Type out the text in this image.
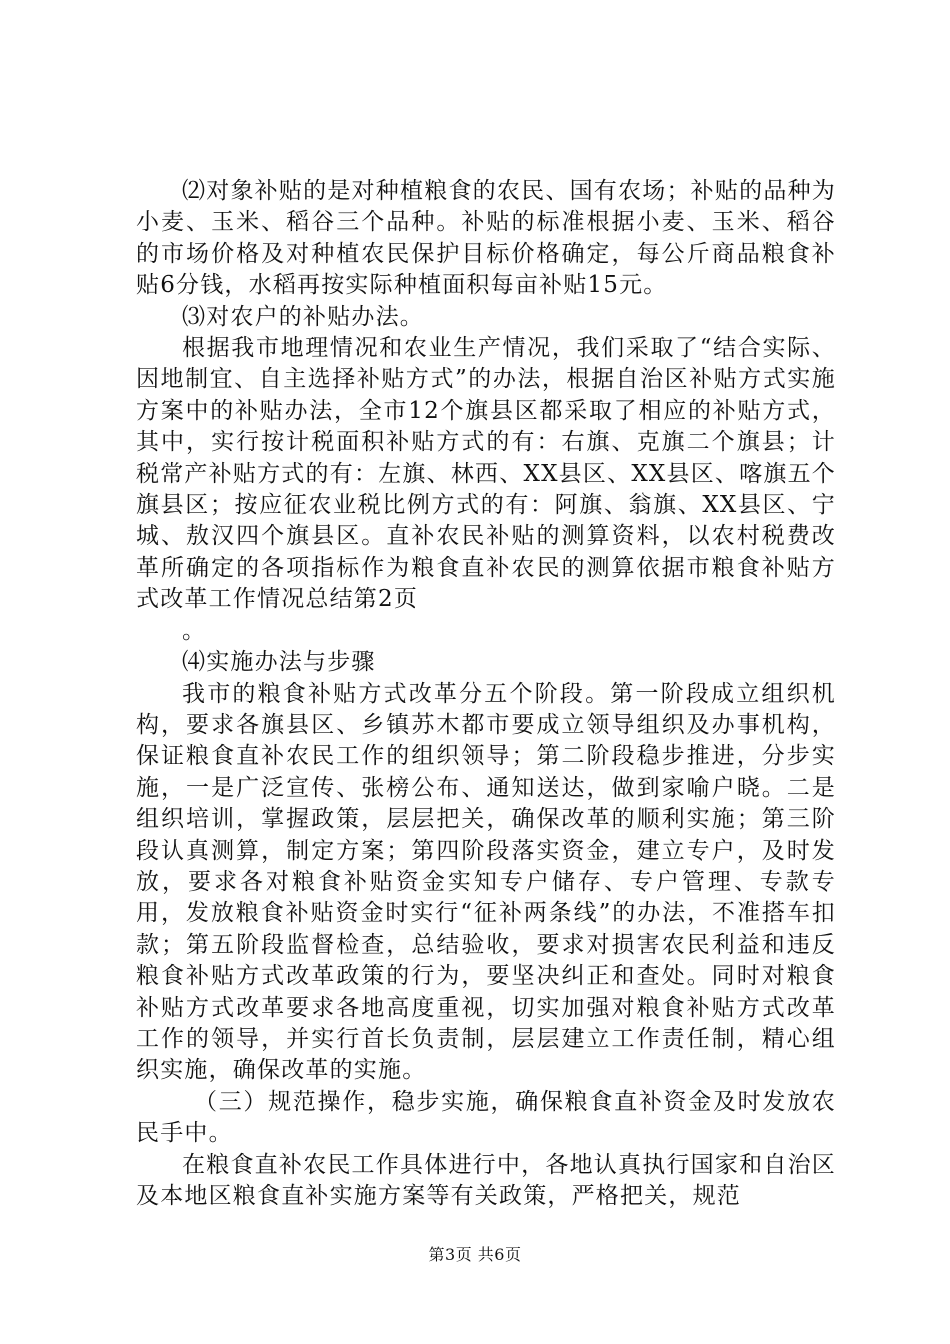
⑵对象补贴的是对种植粮食的农民、国有农场；补贴的品种为小麦、玉米、稻谷三个品种。补贴的标准根据小麦、玉米、稻谷的市场价格及对种植农民保护目标价格确定，每公斤商品粮食补贴6分钱，水稻再按实际种植面积每亩补贴15元。

⑶对农户的补贴办法。

根据我市地理情况和农业生产情况，我们采取了“结合实际、因地制宜、自主选择补贴方式”的办法，根据自治区补贴方式实施方案中的补贴办法，全市12个旗县区都采取了相应的补贴方式，其中，实行按计税面积补贴方式的有：右旗、克旗二个旗县；计税常产补贴方式的有：左旗、林西、XX县区、XX县区、喀旗五个旗县区；按应征农业税比例方式的有：阿旗、翁旗、XX县区、宁城、敖汉四个旗县区。直补农民补贴的测算资料，以农村税费改革所确定的各项指标作为粮食直补农民的测算依据市粮食补贴方式改革工作情况总结第2页

。

⑷实施办法与步骤

我市的粮食补贴方式改革分五个阶段。第一阶段成立组织机构，要求各旗县区、乡镇苏木都市要成立领导组织及办事机构，保证粮食直补农民工作的组织领导；第二阶段稳步推进，分步实施，一是广泛宣传、张榜公布、通知送达，做到家喻户晓。二是组织培训，掌握政策，层层把关，确保改革的顺利实施；第三阶段认真测算，制定方案；第四阶段落实资金，建立专户，及时发放，要求各对粮食补贴资金实知专户储存、专户管理、专款专用，发放粮食补贴资金时实行“征补两条线”的办法，不准搭车扣款；第五阶段监督检查，总结验收，要求对损害农民利益和违反粮食补贴方式改革政策的行为，要坚决纠正和查处。同时对粮食补贴方式改革要求各地高度重视，切实加强对粮食补贴方式改革工作的领导，并实行首长负责制，层层建立工作责任制，精心组织实施，确保改革的实施。

（三）规范操作，稳步实施，确保粮食直补资金及时发放农民手中。

在粮食直补农民工作具体进行中，各地认真执行国家和自治区及本地区粮食直补实施方案等有关政策，严格把关，规范

第3页 共6页
